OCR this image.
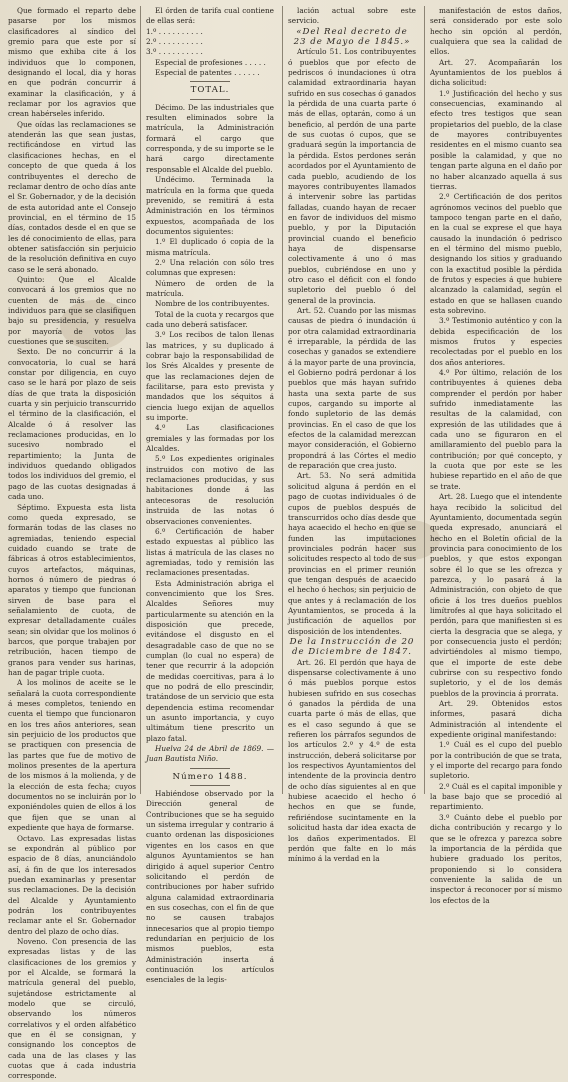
Que formado el reparto debe pasarse por los mismos clasificadores al síndico del gremio para que este por sí mismo que exhiba cite á los individuos que lo componen, designando el local, dia y horas en que podrán concurrir á examinar la clasificación, y á reclamar por los agravios que crean habérseles inferido.

Que oídas las reclamaciones se atenderán las que sean justas, rectificándose en virtud las clasificaciones hechas, en el concepto de que queda á los contribuyentes el derecho de reclamar dentro de ocho días ante el Sr. Gobernador, y de la decisión de esta autoridad ante el Consejo provincial, en el término de 15 días, contados desde el en que se les dé conocimiento de ellas, para obtener satisfacción sin perjuicio de la resolución definitiva en cuyo caso se le será abonado.

Quinto: Que el Alcalde convocará á los gremios que no cuenten de más de cinco individuos para que se clasifiquen bajo su presidencia, y resuelva por mayoría de votos las cuestiones que se susciten.

Sexto. De no concurrir á la convocatoria, lo cual se hará constar por diligencia, en cuyo caso se le hará por plazo de seis días de que trata la disposición cuarta y sin perjuicio transcurrido el término de la clasificación, el Alcalde ó á resolver las reclamaciones producidas, en lo sucesivo nombrado el repartimiento; la Junta de individuos quedando obligados todos los individuos del gremio, el pago de las cuotas designadas á cada uno.

Séptimo. Expuesta esta lista como queda expresado, se formarán todas de las clases no agremiadas, teniendo especial cuidado cuando se trate de fábricas á otros establecimientos, cuyos artefactos, máquinas, hornos ó número de piedras ó aparatos y tiempo que funcionan sirven de base para el señalamiento de cuota, de expresar detalladamente cuáles sean; sin olvidar que los molinos ó barcos, que porque trabajen por retribución, hacen tiempo de granos para vender sus harinas, han de pagar triple cuota.

A los molinos de aceite se le señalará la cuota correspondiente á meses completos, teniendo en cuenta el tiempo que funcionaron en los tres años anteriores, sean sin perjuicio de los productos que se practiquen con presencia de las partes que fue de motivo de molinos presentes de la apertura de los mismos á la molienda, y de la elección de esta fecha; cuyos documentos no se incluirán por lo exponiéndoles quien de ellos á los que fijen que se unan al expediente que haya de formarse.

Octavo. Las expresadas listas se expondrán al público por espacio de 8 días, anunciándolo así, á fin de que los interesados puedan examinarlas y presentar sus reclamaciones. De la decisión del Alcalde y Ayuntamiento podrán los contribuyentes reclamar ante el Sr. Gobernador dentro del plazo de ocho días.

Noveno. Con presencia de las expresadas listas y de las clasificaciones de los gremios y por el Alcalde, se formará la matrícula general del pueblo, sujetándose estrictamente al modelo que se circuló, observando los números correlativos y el orden alfabético que en él se consignan, y consignando los conceptos de cada una de las clases y las cuotas que á cada industria corresponde.

El órden de tarifa cual contiene de ellas será:

1.º . . . . . . . . . .

2.º . . . . . . . . . .

3.º . . . . . . . . . .

Especial de profesiones . . . . .

Especial de patentes . . . . . .

TOTAL.

Décimo. De las industriales que resulten eliminados sobre la matrícula, la Administración formará el cargo que corresponda, y de su importe se le hará cargo directamente responsable el Alcalde del pueblo.

Undécimo. Terminada la matrícula en la forma que queda prevenido, se remitirá á esta Administración en los términos expuestos, acompañada de los documentos siguientes:

1.º El duplicado ó copia de la misma matrícula.

2.º Una relación con sólo tres columnas que expresen:

Número de orden de la matrícula.

Nombre de los contribuyentes.

Total de la cuota y recargos que cada uno deberá satisfacer.

3.º Los recibos de talon llenas las matrices, y su duplicado á cobrar bajo la responsabilidad de los Srés Alcaldes y presente de que las reclamaciones dejen de facilitarse, para esto prevista y mandados que los séquitos á ciencia luego exijan de aquellos su importe.

4.º Las clasificaciones gremiales y las formadas por los Alcaldes.

5.º Los expedientes originales instruidos con motivo de las reclamaciones producidas, y sus habitaciones donde á las antecesoras de resolución instruida de las notas ó observaciones convenientes.

6.º Certificación de haber estado expuestas al público las listas á matrícula de las clases no agremiadas, todo y remisión las reclamaciones presentadas.

Esta Administración abriga el convencimiento que los Sres. Alcaldes Señores muy particularmente su atención en la disposición que precede, evitándose el disgusto en el desagradable caso de que no se cumplan (lo cual no espera) de tener que recurrir á la adopción de medidas coercitivas, para á lo que no podrá de ello prescindir, tratándose de un servicio que esta dependencia estima recomendar un asunto importancia, y cuyo ultimátum tiene prescrito un plazo fatal.

Huelva 24 de Abril de 1869. — Juan Bautista Niño.

Número 1488.

Habiéndose observado por la Dirección general de Contribuciones que se ha seguido un sistema irregular y contrario á cuanto ordenan las disposiciones vigentes en los casos en que algunos Ayuntamientos se han dirigido á aquel superior Centro solicitando el perdón de contribuciones por haber sufrido alguna calamidad extraordinaria en sus cosechas, con el fin de que no se causen trabajos innecesarios que al propio tiempo redundarían en perjuicio de los mismos pueblos, esta Administración inserta á continuación los artículos esenciales de la legis-

lación actual sobre este servicio.

«Del Real decreto de 23 de Mayo de 1845.»

Artículo 51. Los contribuyentes ó pueblos que por efecto de pedriscos ó inundaciones ú otra calamidad extraordinaria hayan sufrido en sus cosechas ó ganados la pérdida de una cuarta parte ó más de ellas, optarán, como á un beneficio, al perdón de una parte de sus cuotas ó cupos, que se graduará según la importancia de la pérdida. Estos perdones serán acordados por el Ayuntamiento de cada pueblo, acudiendo de los mayores contribuyentes llamados á intervenir sobre las partidas falladas, cuando hayan de recaer en favor de individuos del mismo pueblo, y por la Diputación provincial cuando el beneficio haya de dispensarse colectivamente á uno ó mas pueblos, cubriéndose en uno y otro caso el déficit con el fondo supletorio del pueblo ó del general de la provincia.

Art. 52. Cuando por las mismas causas de piedra ó inundación ú por otra calamidad extraordinaria é irreparable, la pérdida de las cosechas y ganados se extendiere á la mayor parte de una provincia, el Gobierno podrá perdonar á los pueblos que más hayan sufrido hasta una sexta parte de sus cupos, cargando su importe al fondo supletorio de las demás provincias. En el caso de que los efectos de la calamidad merezcan mayor consideración, el Gobierno propondrá á las Córtes el medio de reparación que crea justo.

Art. 53. No será admitida solicitud alguna á perdón en el pago de cuotas individuales ó de cupos de pueblos después de transcurridos ocho días desde que haya acaecido el hecho en que se funden las imputaciones provinciales podrán hacer sus solicitudes respecto al todo de sus provincias en el primer reunión que tengan después de acaecido el hecho ó hechos; sin perjuicio de que antes y á reclamación de los Ayuntamientos, se proceda á la justificación de aquellos por disposición de los intendentes.

De la Instrucción de 20 de Diciembre de 1847.

Art. 26. El perdón que haya de dispensarse colectivamente á uno ó más pueblos porque estos hubiesen sufrido en sus cosechas ó ganados la pérdida de una cuarta parte ó más de ellas, que es el caso segundo á que se refieren los párrafos segundos de los artículos 2.º y 4.º de esta instrucción, deberá solicitarse por los respectivos Ayuntamientos del intendente de la provincia dentro de ocho días siguientes al en que hubiese acaecido el hecho ó hechos en que se funde, refiriéndose sucintamente en la solicitud hasta dar idea exacta de los daños experimentados. El perdón que falte en lo más mínimo á la verdad en la

manifestación de estos daños, será considerado por este solo hecho sin opción al perdón, cualquiera que sea la calidad de ellos.

Art. 27. Acompañarán los Ayuntamientos de los pueblos á dicha solicitud:

1.º Justificación del hecho y sus consecuencias, examinando al efecto tres testigos que sean propietarios del pueblo, de la clase de mayores contribuyentes residentes en el mismo cuanto sea posible la calamidad, y que no tengan parte alguna en el daño por no haber alcanzado aquella á sus tierras.

2.º Certificación de dos peritos agrónomos vecinos del pueblo que tampoco tengan parte en el daño, en la cual se exprese el que haya causado la inundación ó pedrisco en el término del mismo pueblo, designando los sitios y graduando con la exactitud posible la pérdida de frutos y especies á que hubiere alcanzado la calamidad, según el estado en que se hallasen cuando esta sobrevino.

3.º Testimonio auténtico y con la debida especificación de los mismos frutos y especies recolectadas por el pueblo en los dos años anteriores.

4.º Por último, relación de los contribuyentes á quienes deba comprender el perdón por haber sufrido inmediatamente las resultas de la calamidad, con expresión de las utilidades que á cada uno se figuraron en el amillaramiento del pueblo para la contribución; por qué concepto, y la cuota que por este se les hubiese repartido en el año de que se trate.

Art. 28. Luego que el intendente haya recibido la solicitud del Ayuntamiento, documentada según queda expresado, anunciará el hecho en el Boletín oficial de la provincia para conocimiento de los pueblos, y que estos expongan sobre él lo que se les ofrezca y parezca, y lo pasará á la Administración, con objeto de que oficie á los tres dueños pueblos limítrofes al que haya solicitado el perdón, para que manifiesten si es cierta la desgracia que se alega, y por consecuencia justo el perdón; advirtiéndoles al mismo tiempo, que el importe de este debe cubrirse con su respectivo fondo supletorio, y el de los demás pueblos de la provincia á prorrata.

Art. 29. Obtenidos estos informes, pasará dicha Administración al intendente el expediente original manifestando:

1.º Cuál es el cupo del pueblo por la contribución de que se trata, y el importe del recargo para fondo supletorio.

2.º Cuál es el capital imponible y la base bajo que se procedió al repartimiento.

3.º Cuánto debe el pueblo por dicha contribución y recargo y lo que se le ofrezca y parezca sobre la importancia de la pérdida que hubiere graduado los peritos, proponiendo si lo considera conveniente la salida de un inspector á reconocer por sí mismo los efectos de la
